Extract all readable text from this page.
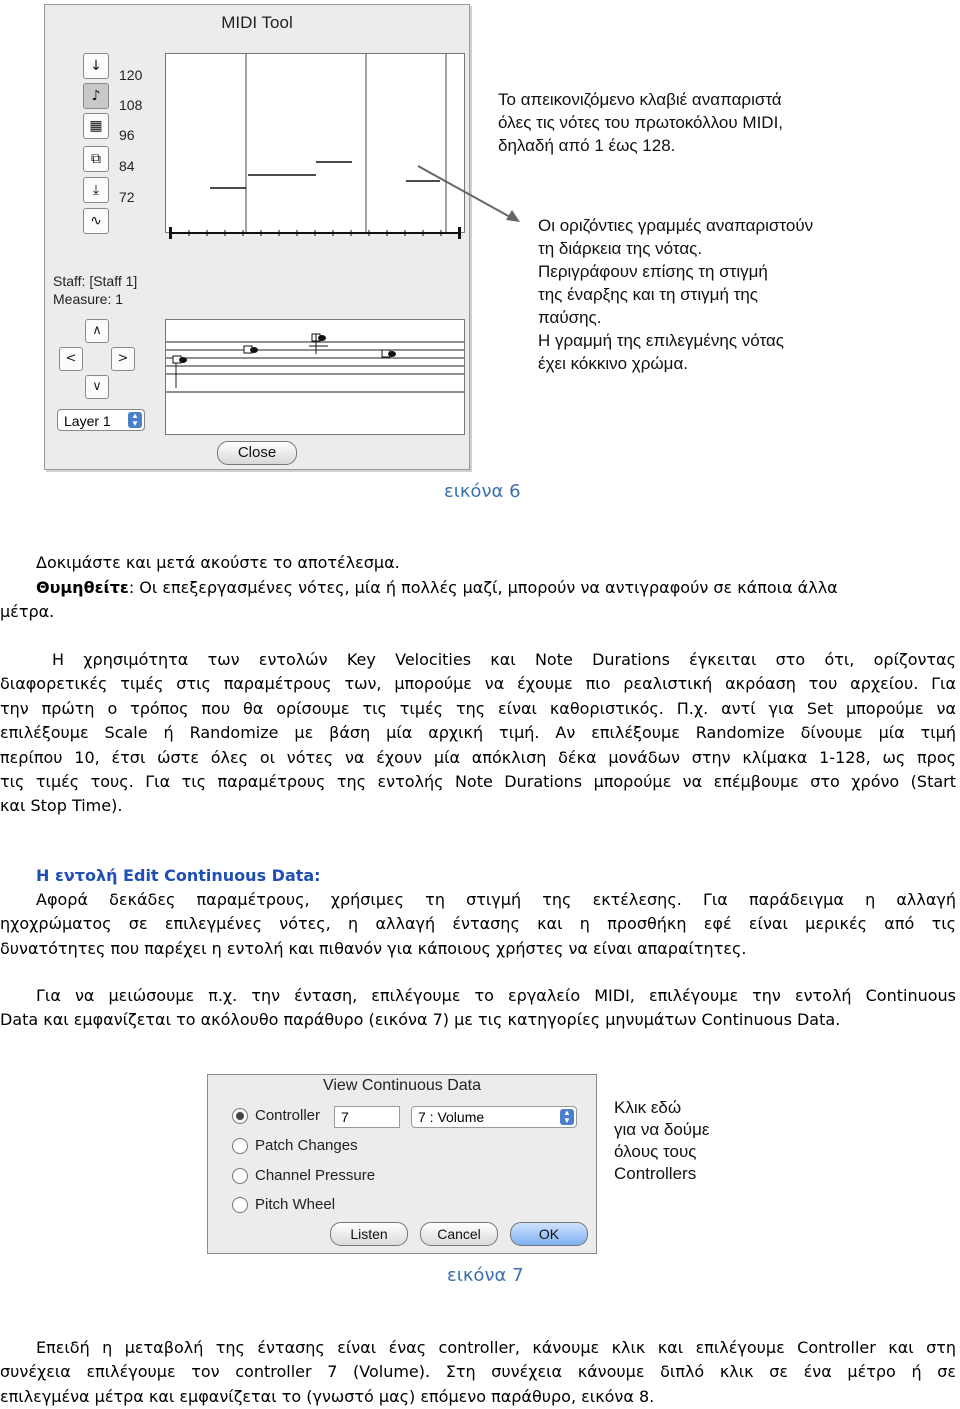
MIDI Tool
↓
♪
▦
⧉
⤓
∿
120
108
96
84
72
Staff: [Staff 1]
Measure: 1
∧
<	>
∨
Layer 1	▲
▼
Close
Το απεικονιζόμενο κλαβιέ αναπαριστά
όλες τις νότες του πρωτοκόλλου MIDI,
δηλαδή από 1 έως 128.
Οι οριζόντιες γραμμές αναπαριστούν
τη διάρκεια της νότας.
Περιγράφουν επίσης τη στιγμή
της έναρξης και τη στιγμή της
παύσης.
Η γραμμή της επιλεγμένης νότας
έχει κόκκινο χρώμα.
εικόνα 6
Δοκιμάστε και μετά ακούστε το αποτέλεσμα.
Θυμηθείτε: Οι επεξεργασμένες νότες, μία ή πολλές μαζί, μπορούν να αντιγραφούν σε κάποια άλλα
μέτρα.
Η χρησιμότητα των εντολών Key Velocities και Note Durations έγκειται στο ότι, ορίζοντας
διαφορετικές τιμές στις παραμέτρους των, μπορούμε να έχουμε πιο ρεαλιστική ακρόαση του αρχείου. Για
την πρώτη ο τρόπος που θα ορίσουμε τις τιμές της είναι καθοριστικός. Π.χ. αντί για Set μπορούμε να
επιλέξουμε Scale ή Randomize με βάση μία αρχική τιμή. Αν επιλέξουμε Randomize δίνουμε μία τιμή
περίπου 10, έτσι ώστε όλες οι νότες να έχουν μία απόκλιση δέκα μονάδων στην κλίμακα 1-128, ως προς
τις τιμές τους. Για τις παραμέτρους της εντολής Note Durations μπορούμε να επέμβουμε στο χρόνο (Start
και Stop Time).
Η εντολή Edit Continuous Data:
Αφορά δεκάδες παραμέτρους, χρήσιμες τη στιγμή της εκτέλεσης. Για παράδειγμα η αλλαγή
ηχοχρώματος σε επιλεγμένες νότες, η αλλαγή έντασης και η προσθήκη εφέ είναι μερικές από τις
δυνατότητες που παρέχει η εντολή και πιθανόν για κάποιους χρήστες να είναι απαραίτητες.
Για να μειώσουμε π.χ. την ένταση, επιλέγουμε το εργαλείο MIDI, επιλέγουμε την εντολή Continuous
Data και εμφανίζεται το ακόλουθο παράθυρο (εικόνα 7) με τις κατηγορίες μηνυμάτων Continuous Data.
View Continuous Data
Controller
Patch Changes
Channel Pressure
Pitch Wheel
7	7 : Volume	▲
▼
Listen	Cancel	OK
Κλικ εδώ
για να δούμε
όλους τους
Controllers
εικόνα 7
Επειδή η μεταβολή της έντασης είναι ένας controller, κάνουμε κλικ και επιλέγουμε Controller και στη
συνέχεια επιλέγουμε τον controller 7 (Volume). Στη συνέχεια κάνουμε διπλό κλικ σε ένα μέτρο ή σε
επιλεγμένα μέτρα και εμφανίζεται το (γνωστό μας) επόμενο παράθυρο, εικόνα 8.
